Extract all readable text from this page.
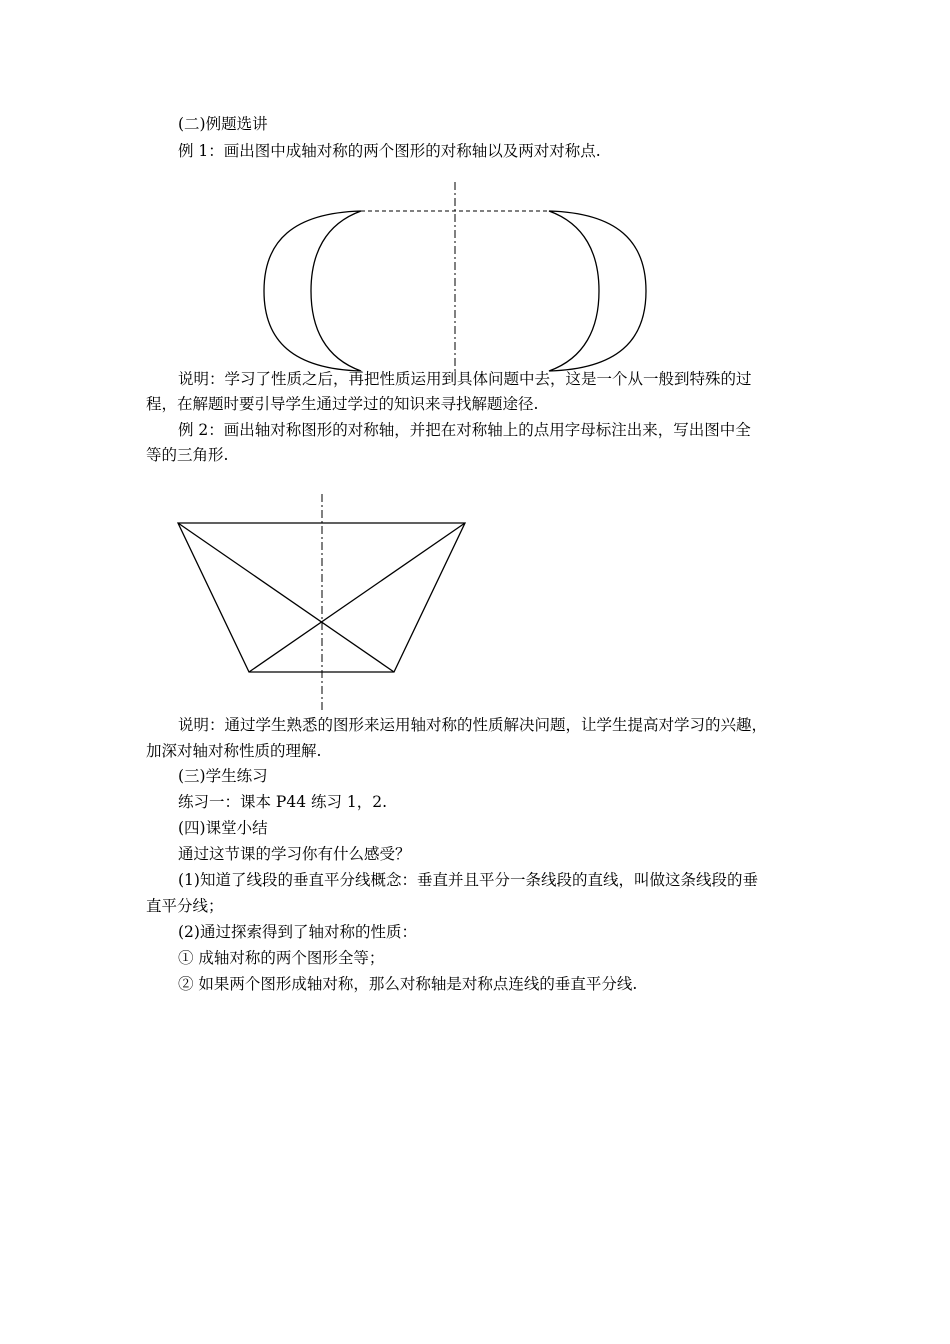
(二)例题选讲
例 1：画出图中成轴对称的两个图形的对称轴以及两对对称点.
说明：学习了性质之后，再把性质运用到具体问题中去，这是一个从一般到特殊的过
程，在解题时要引导学生通过学过的知识来寻找解题途径.
例 2：画出轴对称图形的对称轴，并把在对称轴上的点用字母标注出来，写出图中全
等的三角形.
说明：通过学生熟悉的图形来运用轴对称的性质解决问题，让学生提高对学习的兴趣，
加深对轴对称性质的理解.
(三)学生练习
练习一：课本 P44 练习 1，2.
(四)课堂小结
通过这节课的学习你有什么感受？
(1)知道了线段的垂直平分线概念：垂直并且平分一条线段的直线，叫做这条线段的垂
直平分线；
(2)通过探索得到了轴对称的性质：
① 成轴对称的两个图形全等；
② 如果两个图形成轴对称，那么对称轴是对称点连线的垂直平分线.
